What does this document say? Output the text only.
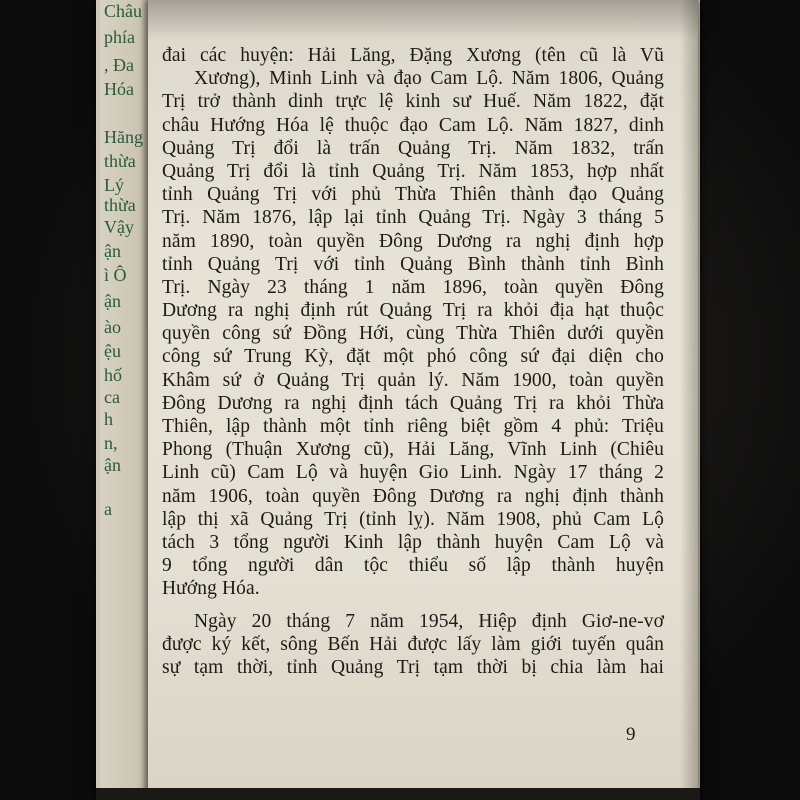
Châu
phía
, Đa
Hóa
Hăng
thừa
Lý
thừa
Vậy
ận
ì Ô
ận
ào
ệu
hố
ca
h
n,
ận
a
đai các huyện: Hải Lăng, Đặng Xương (tên cũ là Vũ
Xương), Minh Linh và đạo Cam Lộ. Năm 1806, Quảng
Trị trở thành dinh trực lệ kinh sư Huế. Năm 1822, đặt
châu Hướng Hóa lệ thuộc đạo Cam Lộ. Năm 1827, dinh
Quảng Trị đổi là trấn Quảng Trị. Năm 1832, trấn
Quảng Trị đổi là tỉnh Quảng Trị. Năm 1853, hợp nhất
tỉnh Quảng Trị với phủ Thừa Thiên thành đạo Quảng
Trị. Năm 1876, lập lại tỉnh Quảng Trị. Ngày 3 tháng 5
năm 1890, toàn quyền Đông Dương ra nghị định hợp
tỉnh Quảng Trị với tỉnh Quảng Bình thành tỉnh Bình
Trị. Ngày 23 tháng 1 năm 1896, toàn quyền Đông
Dương ra nghị định rút Quảng Trị ra khỏi địa hạt thuộc
quyền công sứ Đồng Hới, cùng Thừa Thiên dưới quyền
công sứ Trung Kỳ, đặt một phó công sứ đại diện cho
Khâm sứ ở Quảng Trị quản lý. Năm 1900, toàn quyền
Đông Dương ra nghị định tách Quảng Trị ra khỏi Thừa
Thiên, lập thành một tỉnh riêng biệt gồm 4 phủ: Triệu
Phong (Thuận Xương cũ), Hải Lăng, Vĩnh Linh (Chiêu
Linh cũ) Cam Lộ và huyện Gio Linh. Ngày 17 tháng 2
năm 1906, toàn quyền Đông Dương ra nghị định thành
lập thị xã Quảng Trị (tỉnh lỵ). Năm 1908, phủ Cam Lộ
tách 3 tổng người Kinh lập thành huyện Cam Lộ và
9 tổng người dân tộc thiểu số lập thành huyện
Hướng Hóa.
Ngày 20 tháng 7 năm 1954, Hiệp định Giơ-ne-vơ
được ký kết, sông Bến Hải được lấy làm giới tuyến quân
sự tạm thời, tỉnh Quảng Trị tạm thời bị chia làm hai
9
